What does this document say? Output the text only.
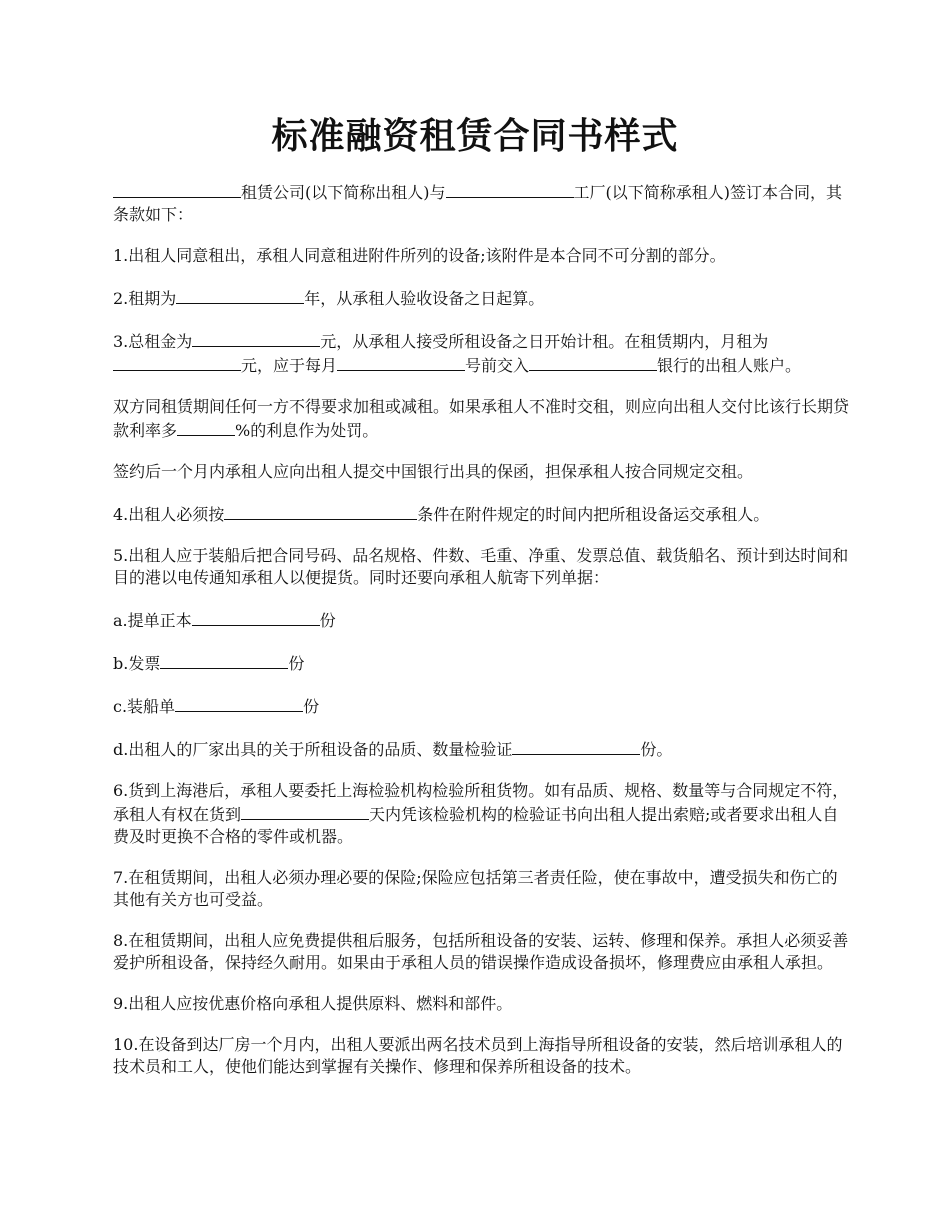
标准融资租赁合同书样式

租赁公司(以下简称出租人)与	工厂(以下简称承租人)签订本合同，其条款如下：

1.出租人同意租出，承租人同意租进附件所列的设备;该附件是本合同不可分割的部分。

2.租期为	年，从承租人验收设备之日起算。

3.总租金为	元，从承租人接受所租设备之日开始计租。在租赁期内，月租为元，应于每月	号前交入	银行的出租人账户。

双方同租赁期间任何一方不得要求加租或减租。如果承租人不准时交租，则应向出租人交付比该行长期贷款利率多	%的利息作为处罚。

签约后一个月内承租人应向出租人提交中国银行出具的保函，担保承租人按合同规定交租。

4.出租人必须按	条件在附件规定的时间内把所租设备运交承租人。

5.出租人应于装船后把合同号码、品名规格、件数、毛重、净重、发票总值、载货船名、预计到达时间和目的港以电传通知承租人以便提货。同时还要向承租人航寄下列单据：

a.提单正本	份

b.发票	份

c.装船单	份

d.出租人的厂家出具的关于所租设备的品质、数量检验证	份。

6.货到上海港后，承租人要委托上海检验机构检验所租货物。如有品质、规格、数量等与合同规定不符，承租人有权在货到	天内凭该检验机构的检验证书向出租人提出索赔;或者要求出租人自费及时更换不合格的零件或机器。

7.在租赁期间，出租人必须办理必要的保险;保险应包括第三者责任险，使在事故中，遭受损失和伤亡的其他有关方也可受益。

8.在租赁期间，出租人应免费提供租后服务，包括所租设备的安装、运转、修理和保养。承担人必须妥善爱护所租设备，保持经久耐用。如果由于承租人员的错误操作造成设备损坏，修理费应由承租人承担。

9.出租人应按优惠价格向承租人提供原料、燃料和部件。

10.在设备到达厂房一个月内，出租人要派出两名技术员到上海指导所租设备的安装，然后培训承租人的技术员和工人，使他们能达到掌握有关操作、修理和保养所租设备的技术。
